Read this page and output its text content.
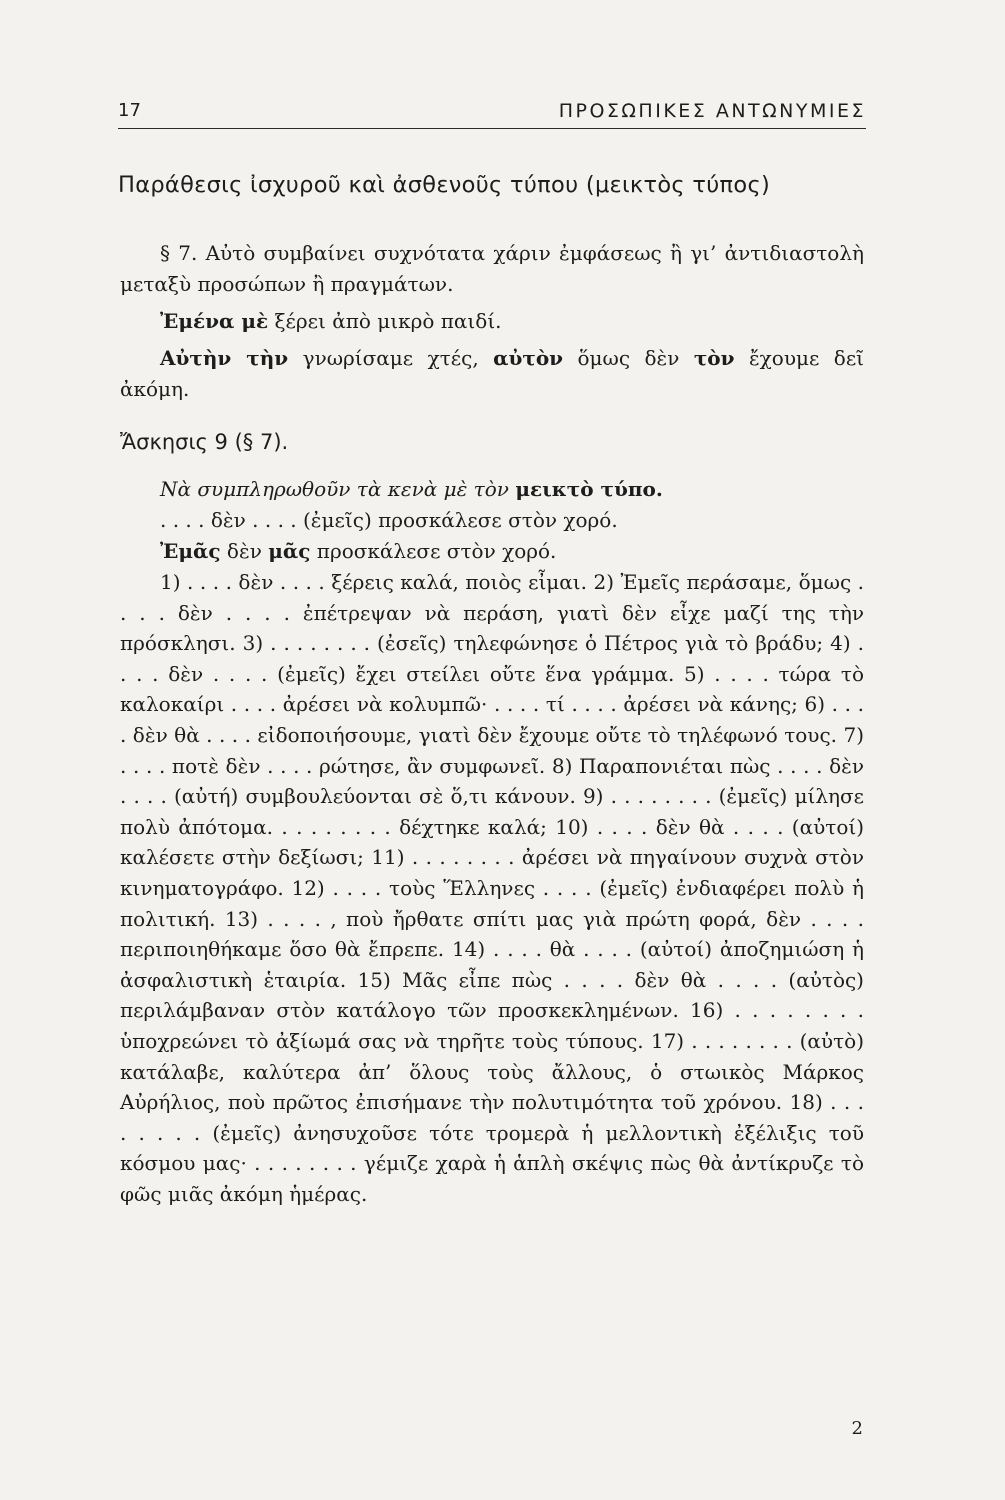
17	ΠΡΟΣΩΠΙΚΕΣ ΑΝΤΩΝΥΜΙΕΣ
Παράθεσις ἰσχυροῦ καὶ ἀσθενοῦς τύπου (μεικτὸς τύπος)

§ 7. Αὐτὸ συμβαίνει συχνότατα χάριν ἐμφάσεως ἢ γι’ ἀντιδιαστολὴ μεταξὺ προσώπων ἢ πραγμάτων.

Ἐμένα μὲ ξέρει ἀπὸ μικρὸ παιδί.

Αὐτὴν τὴν γνωρίσαμε χτές, αὐτὸν ὅμως δὲν τὸν ἔχουμε δεῖ ἀκόμη.

Ἄσκησις 9 (§ 7).

Νὰ συμπληρωθοῦν τὰ κενὰ μὲ τὸν μεικτὸ τύπο.

. . . . δὲν . . . . (ἐμεῖς) προσκάλεσε στὸν χορό.

Ἐμᾶς δὲν μᾶς προσκάλεσε στὸν χορό.

1) . . . . δὲν . . . . ξέρεις καλά, ποιὸς εἶμαι. 2) Ἐμεῖς περάσαμε, ὅμως . . . . δὲν . . . . ἐπέτρεψαν νὰ περάση, γιατὶ δὲν εἶχε μαζί της τὴν πρόσκλησι. 3) . . . . . . . . (ἐσεῖς) τηλεφώνησε ὁ Πέτρος γιὰ τὸ βράδυ; 4) . . . . δὲν . . . . (ἐμεῖς) ἔχει στείλει οὔτε ἕνα γράμμα. 5) . . . . τώρα τὸ καλοκαίρι . . . . ἀρέσει νὰ κολυμπῶ· . . . . τί . . . . ἀρέσει νὰ κάνης; 6) . . . . δὲν θὰ . . . . εἰδοποιήσουμε, γιατὶ δὲν ἔχουμε οὔτε τὸ τηλέφωνό τους. 7) . . . . ποτὲ δὲν . . . . ρώτησε, ἂν συμφωνεῖ. 8) Παραπονιέται πὼς . . . . δὲν . . . . (αὐτή) συμβουλεύονται σὲ ὅ,τι κάνουν. 9) . . . . . . . . (ἐμεῖς) μίλησε πολὺ ἀπότομα. . . . . . . . . δέχτηκε καλά; 10) . . . . δὲν θὰ . . . . (αὐτοί) καλέσετε στὴν δεξίωσι; 11) . . . . . . . . ἀρέσει νὰ πηγαίνουν συχνὰ στὸν κινηματογράφο. 12) . . . . τοὺς Ἕλληνες . . . . (ἐμεῖς) ἐνδιαφέρει πολὺ ἡ πολιτική. 13) . . . . , ποὺ ἤρθατε σπίτι μας γιὰ πρώτη φορά, δὲν . . . . περιποιηθήκαμε ὅσο θὰ ἔπρεπε. 14) . . . . θὰ . . . . (αὐτοί) ἀποζημιώση ἡ ἀσφαλιστικὴ ἑταιρία. 15) Μᾶς εἶπε πὼς . . . . δὲν θὰ . . . . (αὐτὸς) περιλάμβαναν στὸν κατάλογο τῶν προσκεκλημένων. 16) . . . . . . . . ὑποχρεώνει τὸ ἀξίωμά σας νὰ τηρῆτε τοὺς τύπους. 17) . . . . . . . . (αὐτὸ) κατάλαβε, καλύτερα ἀπ’ ὅλους τοὺς ἄλλους, ὁ στωικὸς Μάρκος Αὐρήλιος, ποὺ πρῶτος ἐπισήμανε τὴν πολυτιμότητα τοῦ χρόνου. 18) . . . . . . . . (ἐμεῖς) ἀνησυχοῦσε τότε τρομερὰ ἡ μελλοντικὴ ἐξέλιξις τοῦ κόσμου μας· . . . . . . . . γέμιζε χαρὰ ἡ ἁπλὴ σκέψις πὼς θὰ ἀντίκρυζε τὸ φῶς μιᾶς ἀκόμη ἡμέρας.

2
